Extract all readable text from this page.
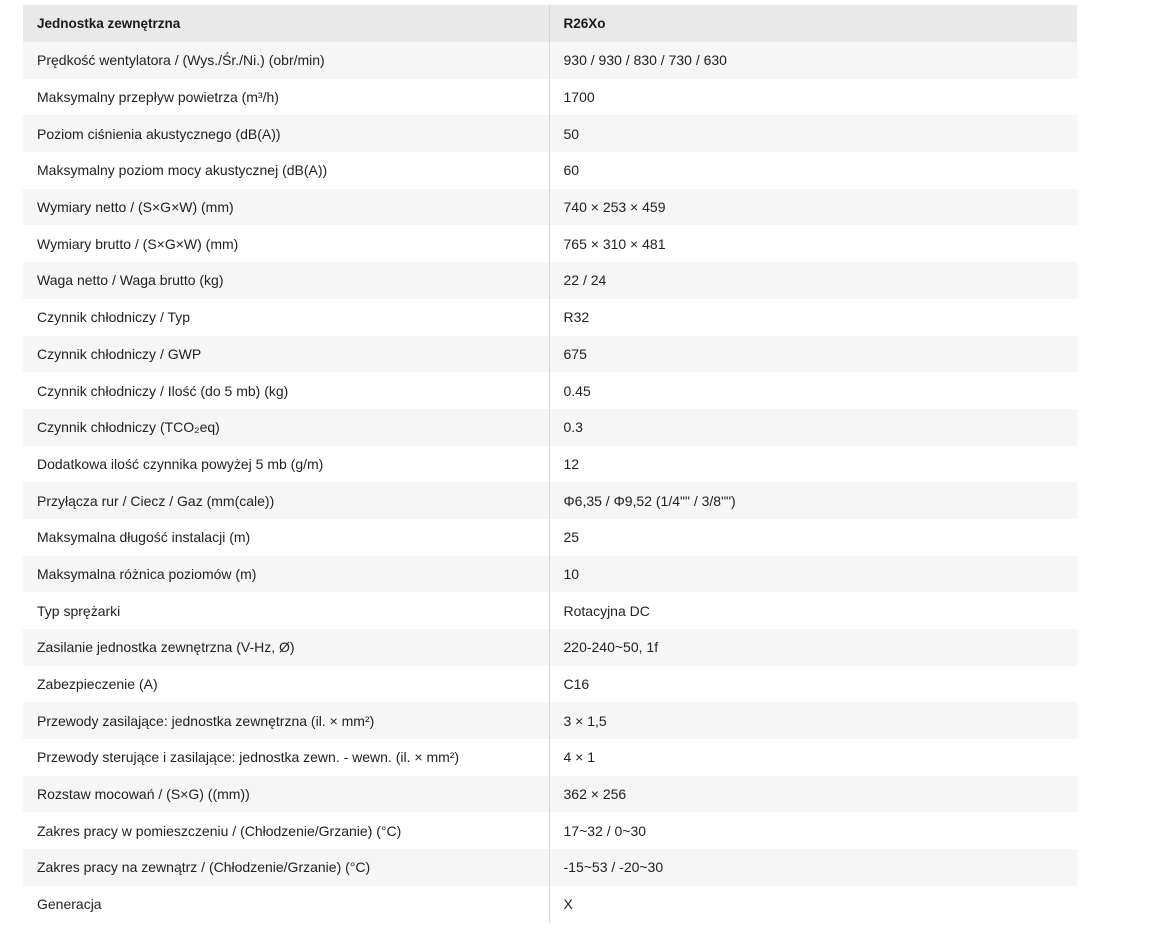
Jednostka zewnętrzna	R26Xo
Prędkość wentylatora / (Wys./Śr./Ni.) (obr/min)	930 / 930 / 830 / 730 / 630
Maksymalny przepływ powietrza (m³/h)	1700
Poziom ciśnienia akustycznego (dB(A))	50
Maksymalny poziom mocy akustycznej (dB(A))	60
Wymiary netto / (S×G×W) (mm)	740 × 253 × 459
Wymiary brutto / (S×G×W) (mm)	765 × 310 × 481
Waga netto / Waga brutto (kg)	22 / 24
Czynnik chłodniczy / Typ	R32
Czynnik chłodniczy / GWP	675
Czynnik chłodniczy / Ilość (do 5 mb) (kg)	0.45
Czynnik chłodniczy (TCO₂eq)	0.3
Dodatkowa ilość czynnika powyżej 5 mb (g/m)	12
Przyłącza rur / Ciecz / Gaz (mm(cale))	Φ6,35 / Φ9,52 (1/4"" / 3/8"")
Maksymalna długość instalacji (m)	25
Maksymalna różnica poziomów (m)	10
Typ sprężarki	Rotacyjna DC
Zasilanie jednostka zewnętrzna (V-Hz, Ø)	220-240~50, 1f
Zabezpieczenie (A)	C16
Przewody zasilające: jednostka zewnętrzna (il. × mm²)	3 × 1,5
Przewody sterujące i zasilające: jednostka zewn. - wewn. (il. × mm²)	4 × 1
Rozstaw mocowań / (S×G) ((mm))	362 × 256
Zakres pracy w pomieszczeniu / (Chłodzenie/Grzanie) (°C)	17~32 / 0~30
Zakres pracy na zewnątrz / (Chłodzenie/Grzanie) (°C)	-15~53 / -20~30
Generacja	X
